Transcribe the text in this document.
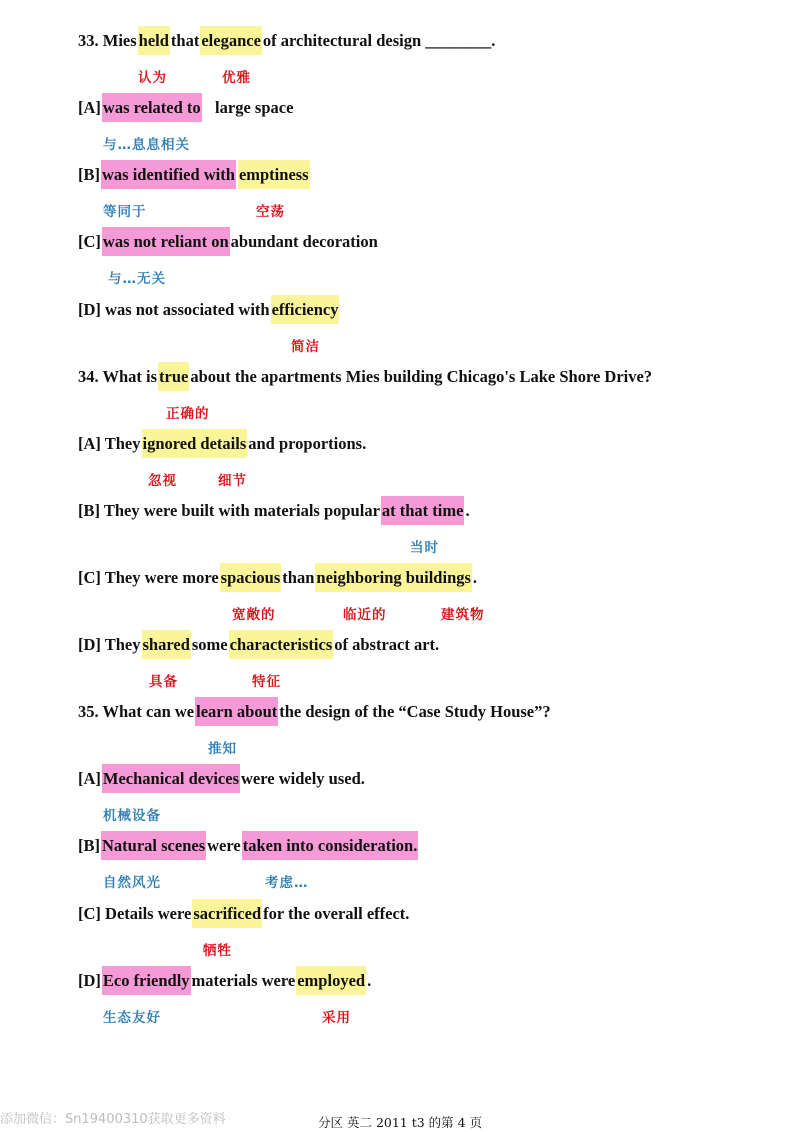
33. Mies held that elegance of architectural design ________.
认为	优雅
[A] was related to large space
与…息息相关
[B] was identified with emptiness
等同于	空荡
[C] was not reliant on abundant decoration
与…无关
[D] was not associated with efficiency
简洁
34. What is true about the apartments Mies building Chicago's Lake Shore Drive?
正确的
[A] They ignored details and proportions.
忽视	细节
[B] They were built with materials popular at that time .
当时
[C] They were more spacious than neighboring buildings .
宽敞的	临近的	建筑物
[D] They shared some characteristics of abstract art.
具备	特征
35. What can we learn about the design of the “Case Study House”?
推知
[A] Mechanical devices were widely used.
机械设备
[B] Natural scenes were taken into consideration.
自然风光	考虑…
[C] Details were sacrificed for the overall effect.
牺牲
[D] Eco friendly materials were employed .
生态友好	采用
添加微信：Sn19400310获取更多资料	分区 英二 2011 t3 的第 4 页
